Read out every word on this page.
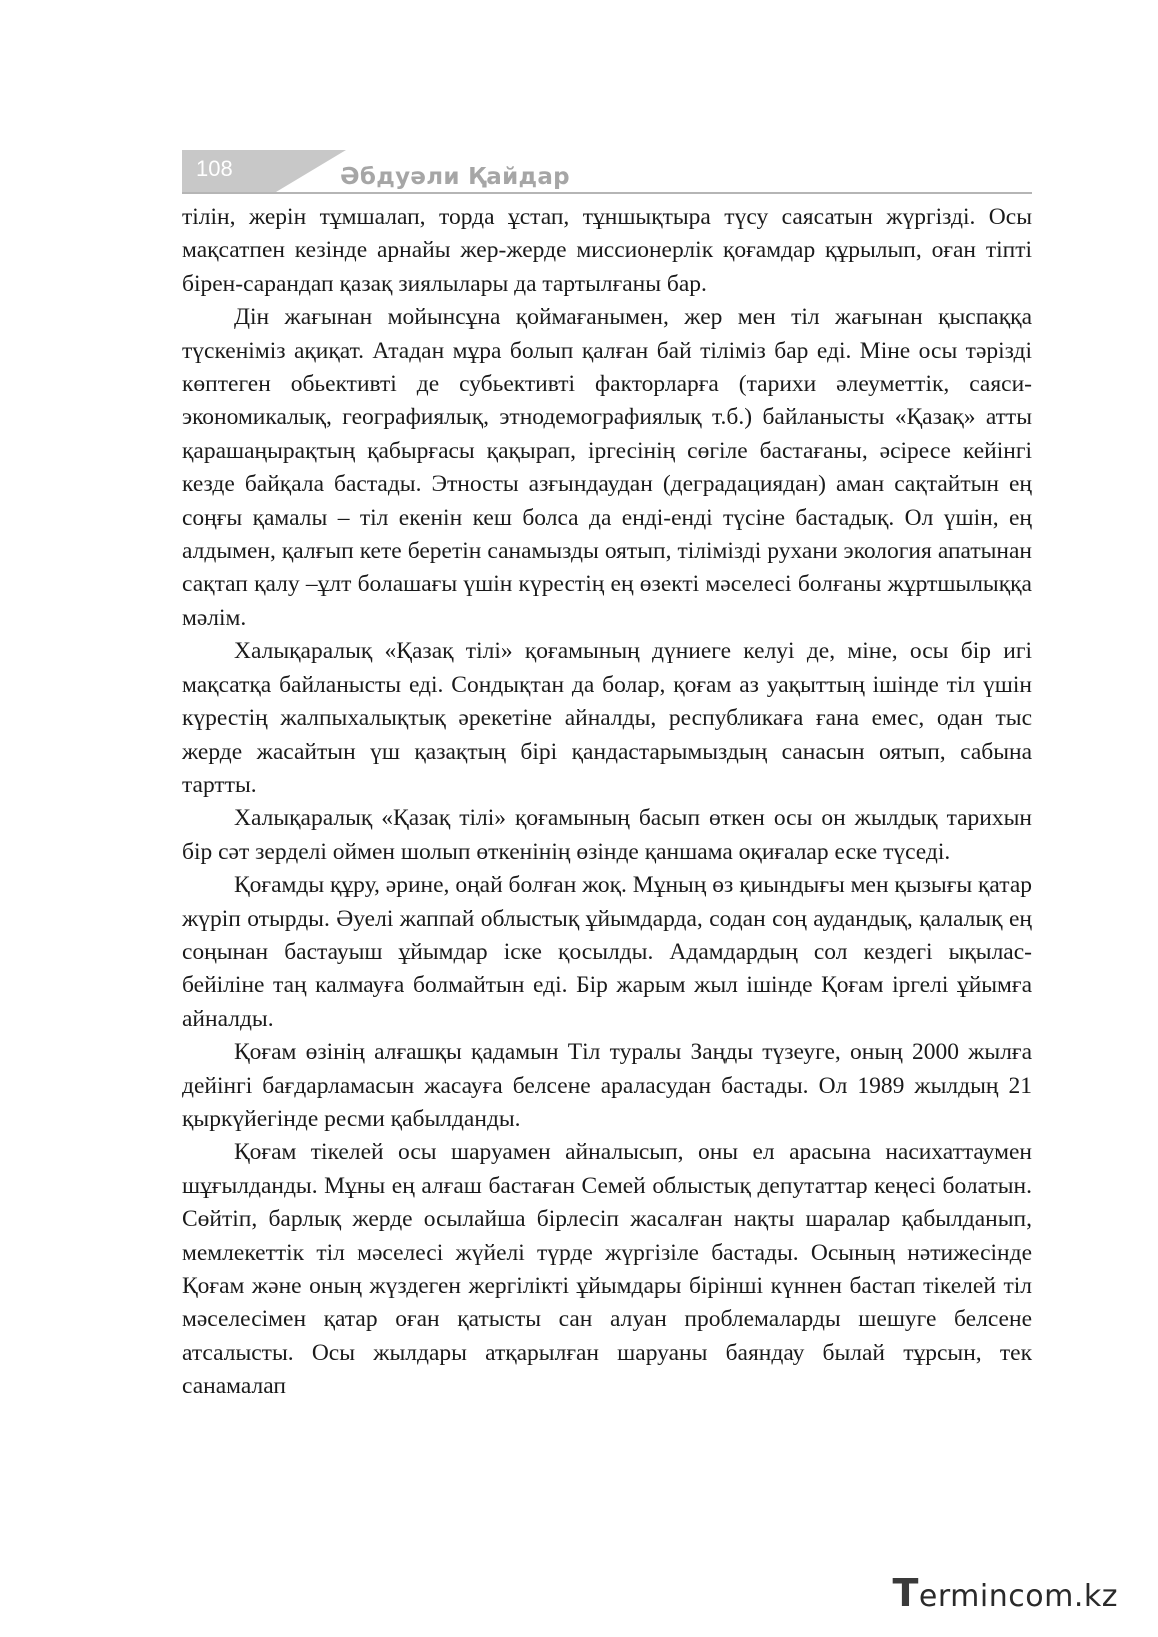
108	Әбдуәли Қайдар

тілін, жерін тұмшалап, торда ұстап, тұншықтыра түсу саясатын жүргізді. Осы мақсатпен кезінде арнайы жер-жерде миссионерлік қоғамдар құрылып, оған тіпті бірен-сарандап қазақ зиялылары да тартылғаны бар.

Дін жағынан мойынсұна қоймағанымен, жер мен тіл жағынан қыспаққа түскеніміз ақиқат. Атадан мұра болып қалған бай тіліміз бар еді. Міне осы тәрізді көптеген обьективті де субьективті факторларға (тарихи әлеуметтік, саяси-экономикалық, географиялық, этнодемографиялық т.б.) байланысты «Қазақ» атты қарашаңырақтың қабырғасы қақырап, іргесінің сөгіле бастағаны, әсіресе кейінгі кезде байқала бастады. Этносты азғындаудан (деградациядан) аман сақтайтын ең соңғы қамалы – тіл екенін кеш болса да енді-енді түсіне бастадық. Ол үшін, ең алдымен, қалғып кете беретін санамызды оятып, тілімізді рухани экология апатынан сақтап қалу –ұлт болашағы үшін күрестің ең өзекті мәселесі болғаны жұртшылыққа мәлім.

Халықаралық «Қазақ тілі» қоғамының дүниеге келуі де, міне, осы бір игі мақсатқа байланысты еді. Сондықтан да болар, қоғам аз уақыттың ішінде тіл үшін күрестің жалпыхалықтық әрекетіне айналды, республикаға ғана емес, одан тыс жерде жасайтын үш қазақтың бірі қандастарымыздың санасын оятып, сабына тартты.

Халықаралық «Қазақ тілі» қоғамының басып өткен осы он жылдық тарихын бір сәт зерделі оймен шолып өткенінің өзінде қаншама оқиғалар еске түседі.

Қоғамды құру, әрине, оңай болған жоқ. Мұның өз қиындығы мен қызығы қатар жүріп отырды. Әуелі жаппай облыстық ұйымдарда, содан соң аудандық, қалалық ең соңынан бастауыш ұйымдар іске қосылды. Адамдардың сол кездегі ықылас-бейіліне таң калмауға болмайтын еді. Бір жарым жыл ішінде Қоғам іргелі ұйымға айналды.

Қоғам өзінің алғашқы қадамын Тіл туралы Заңды түзеуге, оның 2000 жылға дейінгі бағдарламасын жасауға белсене араласудан бастады. Ол 1989 жылдың 21 қыркүйегінде ресми қабылданды.

Қоғам тікелей осы шаруамен айналысып, оны ел арасына насихаттаумен шұғылданды. Мұны ең алғаш бастаған Семей облыстық депутаттар кеңесі болатын. Сөйтіп, барлық жерде осылайша бірлесіп жасалған нақты шаралар қабылданып, мемлекеттік тіл мәселесі жүйелі түрде жүргізіле бастады. Осының нәтижесінде Қоғам және оның жүздеген жергілікті ұйымдары бірінші күннен бастап тікелей тіл мәселесімен қатар оған қатысты сан алуан проблемаларды шешуге белсене атсалысты. Осы жылдары атқарылған шаруаны баяндау былай тұрсын, тек санамалап

Termincom.kz
